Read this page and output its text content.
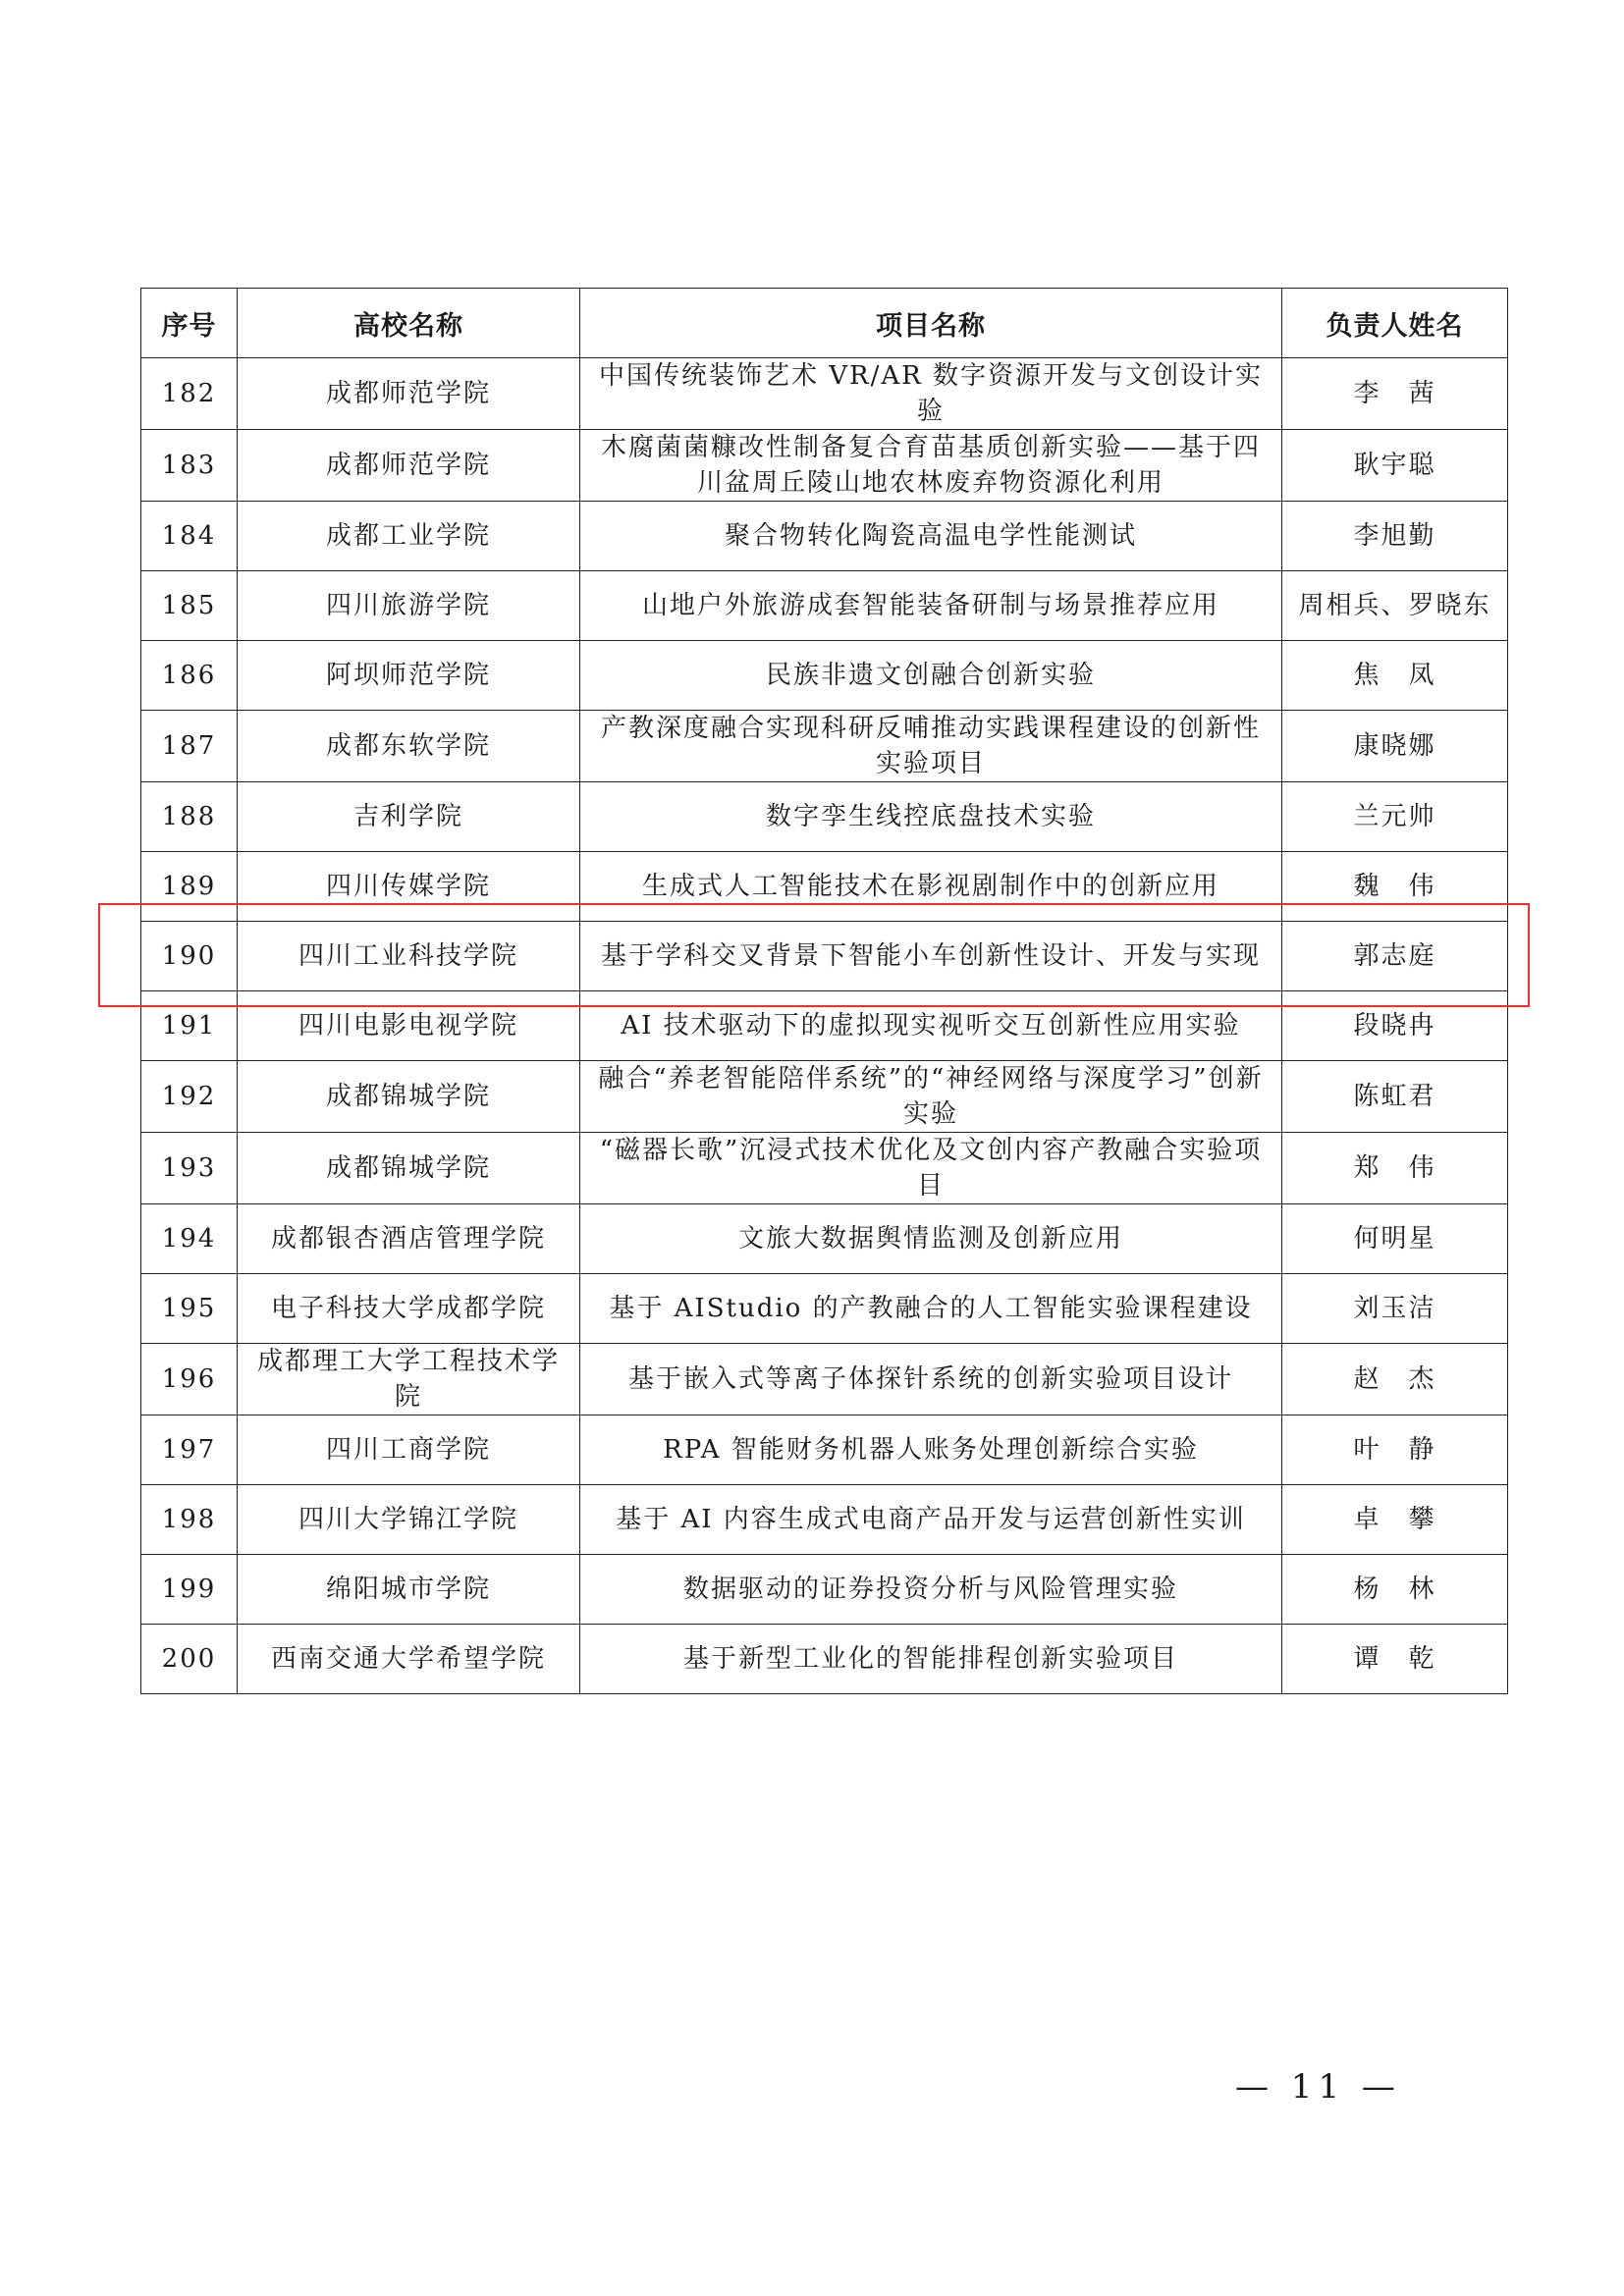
序号	高校名称	项目名称	负责人姓名
182	成都师范学院	中国传统装饰艺术 VR/AR 数字资源开发与文创设计实验	李　茜
183	成都师范学院	木腐菌菌糠改性制备复合育苗基质创新实验——基于四川盆周丘陵山地农林废弃物资源化利用	耿宇聪
184	成都工业学院	聚合物转化陶瓷高温电学性能测试	李旭勤
185	四川旅游学院	山地户外旅游成套智能装备研制与场景推荐应用	周相兵、罗晓东
186	阿坝师范学院	民族非遗文创融合创新实验	焦　凤
187	成都东软学院	产教深度融合实现科研反哺推动实践课程建设的创新性实验项目	康晓娜
188	吉利学院	数字孪生线控底盘技术实验	兰元帅
189	四川传媒学院	生成式人工智能技术在影视剧制作中的创新应用	魏　伟
190	四川工业科技学院	基于学科交叉背景下智能小车创新性设计、开发与实现	郭志庭
191	四川电影电视学院	AI 技术驱动下的虚拟现实视听交互创新性应用实验	段晓冉
192	成都锦城学院	融合“养老智能陪伴系统”的“神经网络与深度学习”创新实验	陈虹君
193	成都锦城学院	“磁器长歌”沉浸式技术优化及文创内容产教融合实验项目	郑　伟
194	成都银杏酒店管理学院	文旅大数据舆情监测及创新应用	何明星
195	电子科技大学成都学院	基于 AIStudio 的产教融合的人工智能实验课程建设	刘玉洁
196	成都理工大学工程技术学院	基于嵌入式等离子体探针系统的创新实验项目设计	赵　杰
197	四川工商学院	RPA 智能财务机器人账务处理创新综合实验	叶　静
198	四川大学锦江学院	基于 AI 内容生成式电商产品开发与运营创新性实训	卓　攀
199	绵阳城市学院	数据驱动的证券投资分析与风险管理实验	杨　林
200	西南交通大学希望学院	基于新型工业化的智能排程创新实验项目	谭　乾
— 11 —
